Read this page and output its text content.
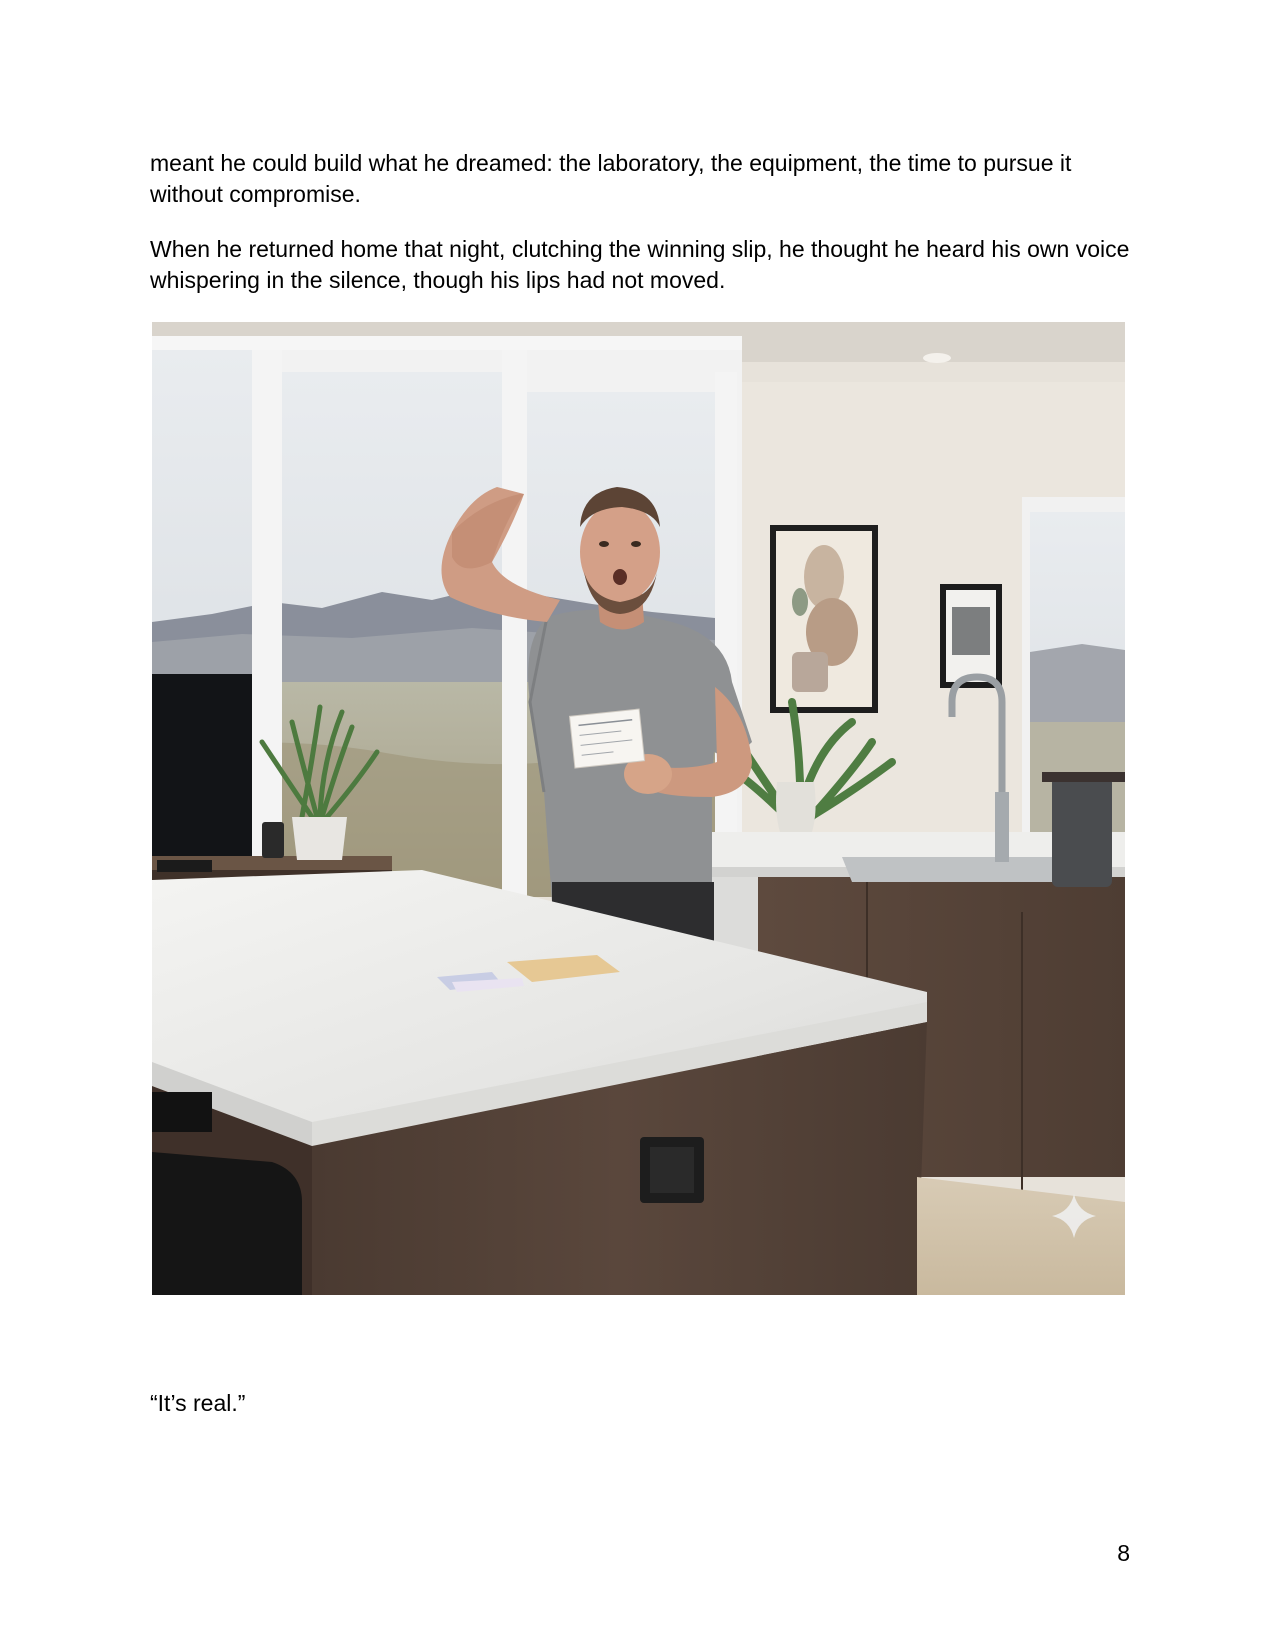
meant he could build what he dreamed: the laboratory, the equipment, the time to pursue it without compromise.

When he returned home that night, clutching the winning slip, he thought he heard his own voice whispering in the silence, though his lips had not moved.

“It’s real.”

8
